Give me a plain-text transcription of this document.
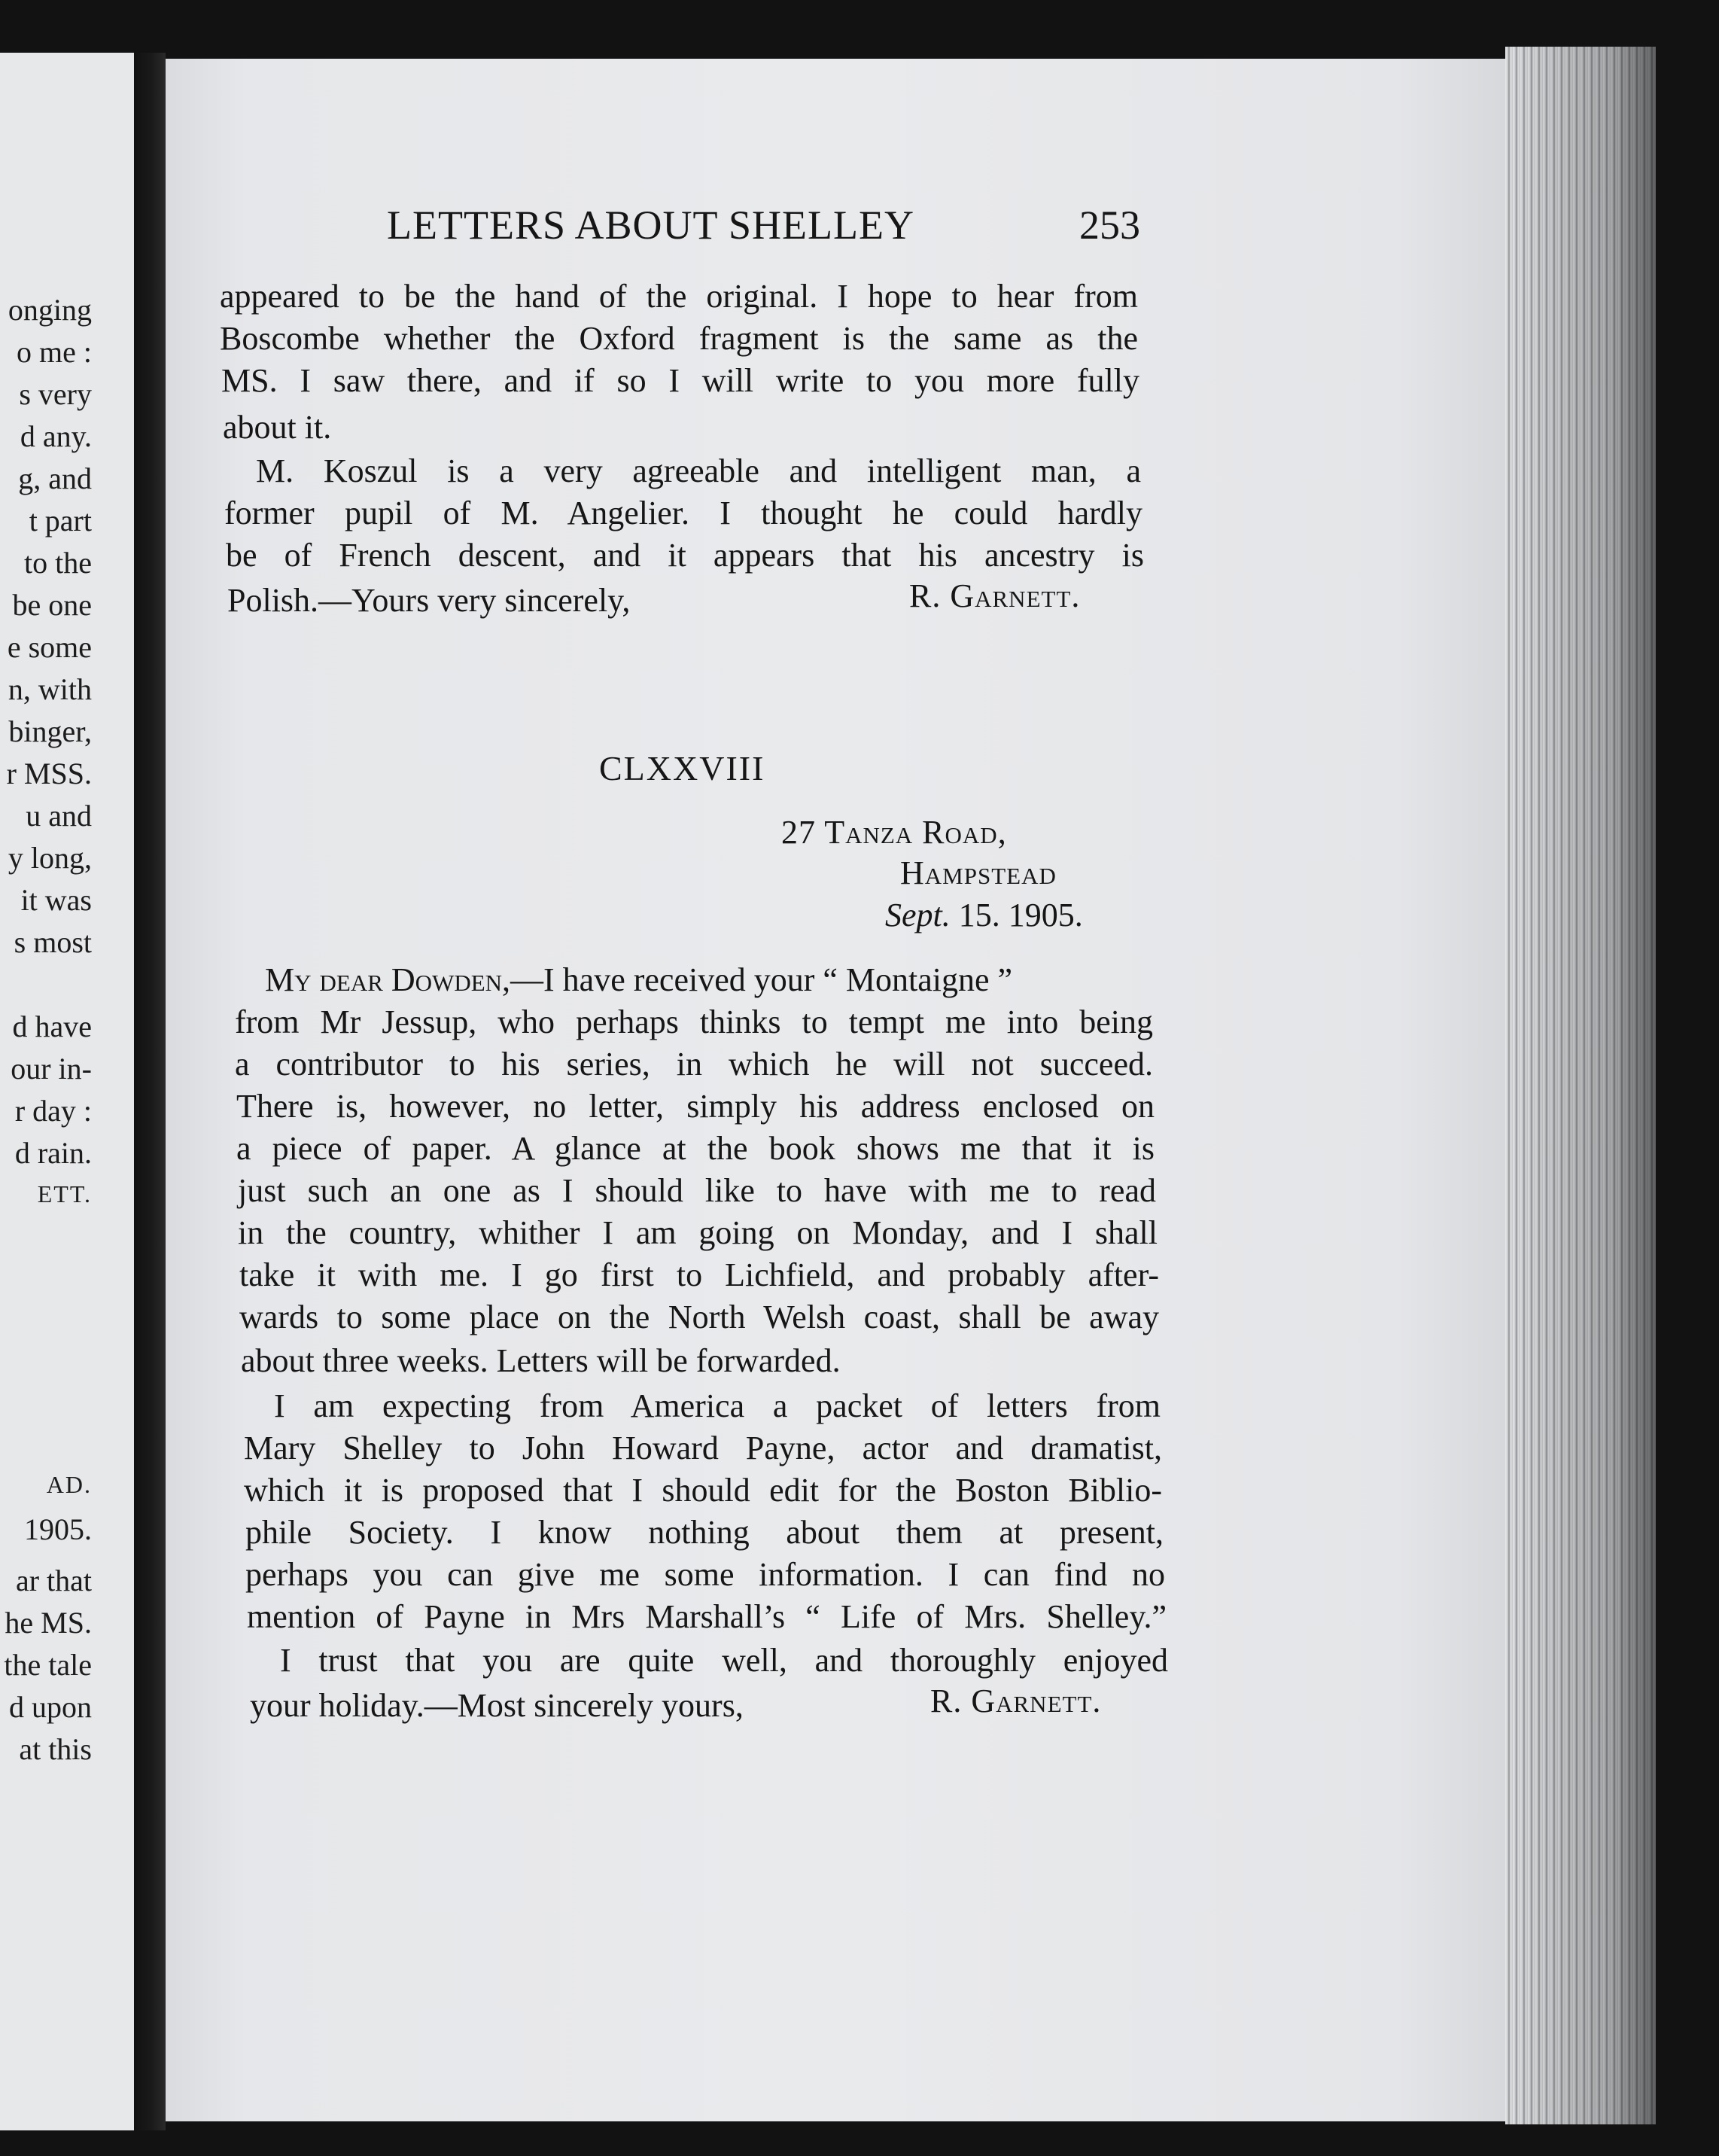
onging
o me :
s very
d any.
g, and
t part
to the
be one
e some
n, with
binger,
r MSS.
u and
y long,
it was
s most
d have
our in-
r day :
d rain.
ETT.
AD.
1905.
ar that
he MS.
the tale
d upon
at this
LETTERS ABOUT SHELLEY	253
appeared to be the hand of the original. I hope to hear from
Boscombe whether the Oxford fragment is the same as the
MS. I saw there, and if so I will write to you more fully
about it.
M. Koszul is a very agreeable and intelligent man, a
former pupil of M. Angelier. I thought he could hardly
be of French descent, and it appears that his ancestry is
Polish.—Yours very sincerely,	R. Garnett.
CLXXVIII
27 Tanza Road,
Hampstead
Sept. 15. 1905.
My dear Dowden,—I have received your “ Montaigne ”
from Mr Jessup, who perhaps thinks to tempt me into being
a contributor to his series, in which he will not succeed.
There is, however, no letter, simply his address enclosed on
a piece of paper. A glance at the book shows me that it is
just such an one as I should like to have with me to read
in the country, whither I am going on Monday, and I shall
take it with me. I go first to Lichfield, and probably after-
wards to some place on the North Welsh coast, shall be away
about three weeks. Letters will be forwarded.
I am expecting from America a packet of letters from
Mary Shelley to John Howard Payne, actor and dramatist,
which it is proposed that I should edit for the Boston Biblio-
phile Society. I know nothing about them at present,
perhaps you can give me some information. I can find no
mention of Payne in Mrs Marshall’s “ Life of Mrs. Shelley.”
I trust that you are quite well, and thoroughly enjoyed
your holiday.—Most sincerely yours,	R. Garnett.
